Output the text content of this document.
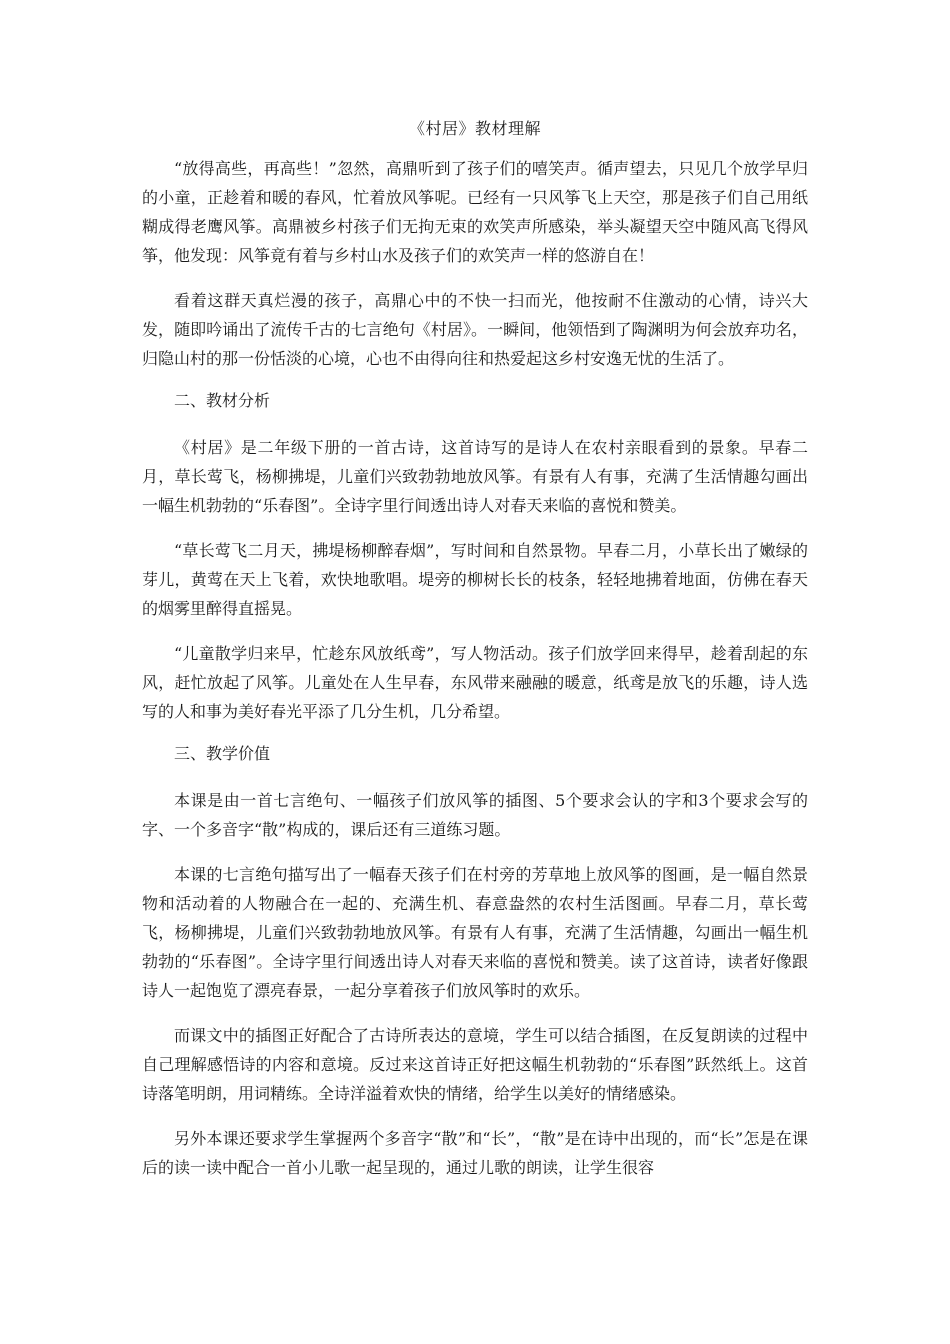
《村居》教材理解

“放得高些，再高些！”忽然，高鼎听到了孩子们的嘻笑声。循声望去，只见几个放学早归的小童，正趁着和暖的春风，忙着放风筝呢。已经有一只风筝飞上天空，那是孩子们自己用纸糊成得老鹰风筝。高鼎被乡村孩子们无拘无束的欢笑声所感染，举头凝望天空中随风高飞得风筝，他发现：风筝竟有着与乡村山水及孩子们的欢笑声一样的悠游自在！

看着这群天真烂漫的孩子，高鼎心中的不快一扫而光，他按耐不住激动的心情，诗兴大发，随即吟诵出了流传千古的七言绝句《村居》。一瞬间，他领悟到了陶渊明为何会放弃功名，归隐山村的那一份恬淡的心境，心也不由得向往和热爱起这乡村安逸无忧的生活了。

二、教材分析

《村居》是二年级下册的一首古诗，这首诗写的是诗人在农村亲眼看到的景象。早春二月，草长莺飞，杨柳拂堤，儿童们兴致勃勃地放风筝。有景有人有事，充满了生活情趣勾画出一幅生机勃勃的“乐春图”。全诗字里行间透出诗人对春天来临的喜悦和赞美。

“草长莺飞二月天，拂堤杨柳醉春烟”，写时间和自然景物。早春二月，小草长出了嫩绿的芽儿，黄莺在天上飞着，欢快地歌唱。堤旁的柳树长长的枝条，轻轻地拂着地面，仿佛在春天的烟雾里醉得直摇晃。

“儿童散学归来早，忙趁东风放纸鸢”，写人物活动。孩子们放学回来得早，趁着刮起的东风，赶忙放起了风筝。儿童处在人生早春，东风带来融融的暖意，纸鸢是放飞的乐趣，诗人选写的人和事为美好春光平添了几分生机，几分希望。

三、教学价值

本课是由一首七言绝句、一幅孩子们放风筝的插图、5个要求会认的字和3个要求会写的字、一个多音字“散”构成的，课后还有三道练习题。

本课的七言绝句描写出了一幅春天孩子们在村旁的芳草地上放风筝的图画，是一幅自然景物和活动着的人物融合在一起的、充满生机、春意盎然的农村生活图画。早春二月，草长莺飞，杨柳拂堤，儿童们兴致勃勃地放风筝。有景有人有事，充满了生活情趣，勾画出一幅生机勃勃的“乐春图”。全诗字里行间透出诗人对春天来临的喜悦和赞美。读了这首诗，读者好像跟诗人一起饱览了漂亮春景，一起分享着孩子们放风筝时的欢乐。

而课文中的插图正好配合了古诗所表达的意境，学生可以结合插图，在反复朗读的过程中自己理解感悟诗的内容和意境。反过来这首诗正好把这幅生机勃勃的“乐春图”跃然纸上。这首诗落笔明朗，用词精练。全诗洋溢着欢快的情绪，给学生以美好的情绪感染。

另外本课还要求学生掌握两个多音字“散”和“长”，“散”是在诗中出现的，而“长”怎是在课后的读一读中配合一首小儿歌一起呈现的，通过儿歌的朗读，让学生很容
